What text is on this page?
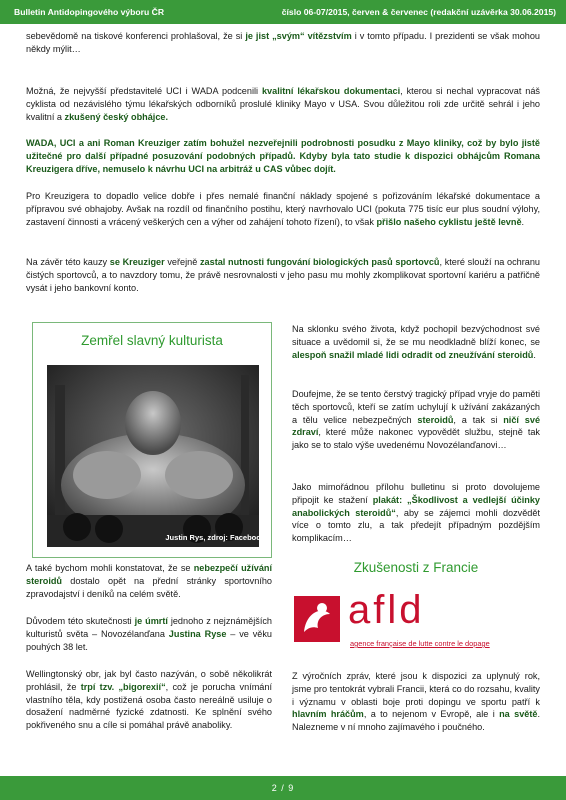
Bulletin Antidopingového výboru ČR	číslo 06-07/2015, červen & červenec (redakční uzávěrka 30.06.2015)

sebevědomě na tiskové konferenci prohlašoval, že si je jist „svým“ vítězstvím i v tomto případu. I prezidenti se však mohou někdy mýlit…

Možná, že nejvyšší představitelé UCI i WADA podcenili kvalitní lékařskou dokumentaci, kterou si nechal vypracovat náš cyklista od nezávislého týmu lékařských odborníků proslulé kliniky Mayo v USA. Svou důležitou roli zde určitě sehrál i jeho kvalitní a zkušený český obhájce.

WADA, UCI a ani Roman Kreuziger zatím bohužel nezveřejnili podrobnosti posudku z Mayo kliniky, což by bylo jistě užitečné pro další případné posuzování podobných případů. Kdyby byla tato studie k dispozici obhájcům Romana Kreuzigera dříve, nemuselo k návrhu UCI na arbitráž u CAS vůbec dojít.

Pro Kreuzigera to dopadlo velice dobře i přes nemalé finanční náklady spojené s pořizováním lékařské dokumentace a přípravou své obhajoby. Avšak na rozdíl od finančního postihu, který navrhovalo UCI (pokuta 775 tisíc eur plus soudní výlohy, zastavení činnosti a vrácený veškerých cen a výher od zahájení tohoto řízení), to však přišlo našeho cyklistu ještě levně.

Na závěr této kauzy se Kreuziger veřejně zastal nutnosti fungování biologických pasů sportovců, které slouží na ochranu čistých sportovců, a to navzdory tomu, že právě nesrovnalosti v jeho pasu mu mohly zkomplikovat sportovní kariéru a patřičně vysát i jeho bankovní konto.

Zemřel slavný kulturista
Justin Rys, zdroj: Facebook

A také bychom mohli konstatovat, že se nebezpečí užívání steroidů dostalo opět na přední stránky sportovního zpravodajství i deníků na celém světě.

Důvodem této skutečnosti je úmrtí jednoho z nejznámějších kulturistů světa – Novozélanďana Justina Ryse – ve věku pouhých 38 let.

Wellingtonský obr, jak byl často nazýván, o sobě několikrát prohlásil, že trpí tzv. „bigorexií“, což je porucha vnímání vlastního těla, kdy postižená osoba často nereálně usiluje o dosažení nadměrné fyzické zdatnosti. Ke splnění svého pokřiveného snu a cíle si pomáhal právě anaboliky.

Na sklonku svého života, když pochopil bezvýchodnost své situace a uvědomil si, že se mu neodkladně blíží konec, se alespoň snažil mladé lidi odradit od zneužívání steroidů.

Doufejme, že se tento čerstvý tragický případ vryje do paměti těch sportovců, kteří se zatím uchylují k užívání zakázaných a tělu velice nebezpečných steroidů, a tak si ničí své zdraví, které může nakonec vypovědět službu, stejně tak jako se to stalo výše uvedenému Novozélanďanovi…

Jako mimořádnou přílohu bulletinu si proto dovolujeme připojit ke stažení plakát: „Škodlivost a vedlejší účinky anabolických steroidů“, aby se zájemci mohli dozvědět více o tomto zlu, a tak předejít případným pozdějším komplikacím…

Zkušenosti z Francie
afld
agence française de lutte contre le dopage

Z výročních zpráv, které jsou k dispozici za uplynulý rok, jsme pro tentokrát vybrali Francii, která co do rozsahu, kvality i významu v oblasti boje proti dopingu ve sportu patří k hlavním hráčům, a to nejenom v Evropě, ale i na světě. Nalezneme v ní mnoho zajímavého i poučného.

2 / 9
